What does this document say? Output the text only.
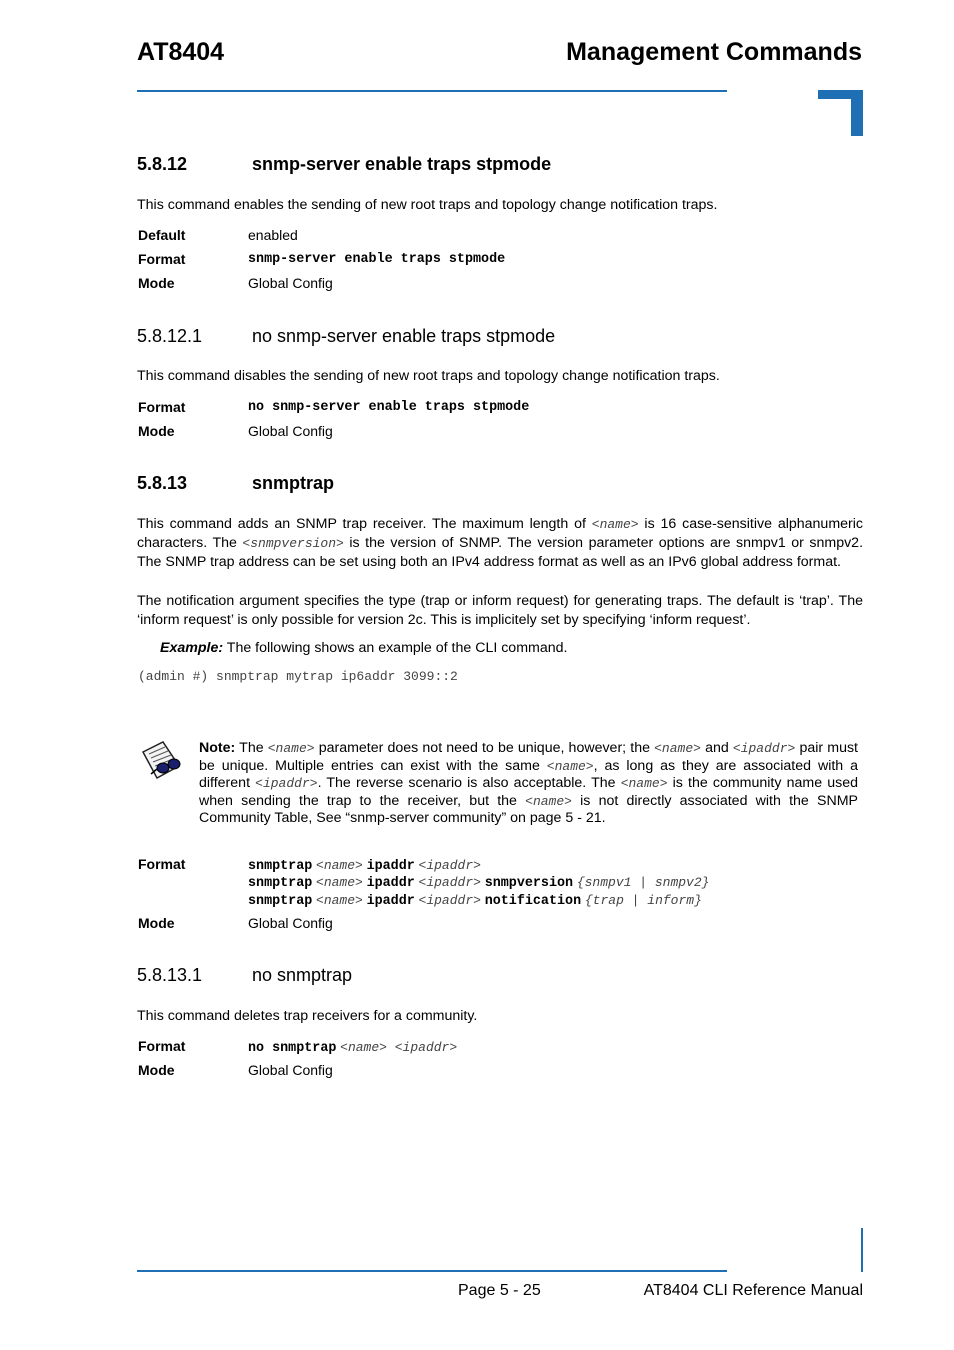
AT8404	Management Commands
5.8.12	snmp-server enable traps stpmode
This command enables the sending of new root traps and topology change notification traps.
Default	enabled
Format	snmp-server enable traps stpmode
Mode	Global Config
5.8.12.1	no snmp-server enable traps stpmode
This command disables the sending of new root traps and topology change notification traps.
Format	no snmp-server enable traps stpmode
Mode	Global Config
5.8.13	snmptrap
This command adds an SNMP trap receiver. The maximum length of <name> is 16 case-sensitive alphanumeric characters. The <snmpversion> is the version of SNMP. The version parameter options are snmpv1 or snmpv2. The SNMP trap address can be set using both an IPv4 address format as well as an IPv6 global address format.
The notification argument specifies the type (trap or inform request) for generating traps. The default is ‘trap’. The ‘inform request’ is only possible for version 2c. This is implicitely set by specifying ‘inform request’.
Example: The following shows an example of the CLI command.
(admin #) snmptrap mytrap ip6addr 3099::2
Note: The <name> parameter does not need to be unique, however; the <name> and <ipaddr> pair must be unique. Multiple entries can exist with the same <name>, as long as they are associated with a different <ipaddr>. The reverse scenario is also acceptable. The <name> is the community name used when sending the trap to the receiver, but the <name> is not directly associated with the SNMP Community Table, See “snmp-server community” on page 5 - 21.
Format	snmptrap <name> ipaddr <ipaddr>
snmptrap <name> ipaddr <ipaddr> snmpversion {snmpv1 | snmpv2}
snmptrap <name> ipaddr <ipaddr> notification {trap | inform}
Mode	Global Config
5.8.13.1	no snmptrap
This command deletes trap receivers for a community.
Format	no snmptrap <name> <ipaddr>
Mode	Global Config
Page 5 - 25	AT8404 CLI Reference Manual
